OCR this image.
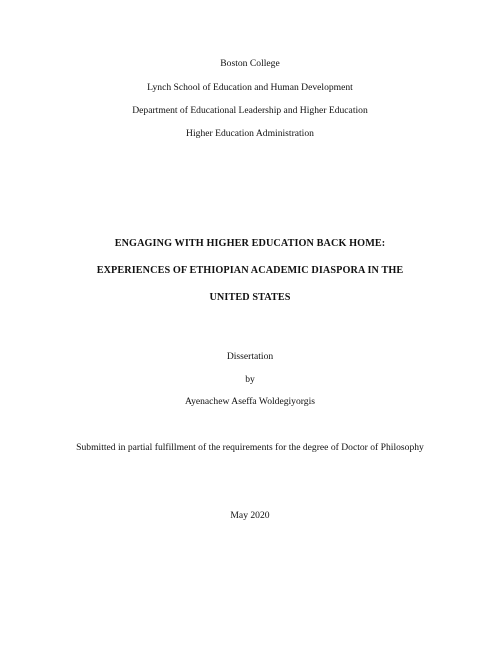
Boston College
Lynch School of Education and Human Development
Department of Educational Leadership and Higher Education
Higher Education Administration
ENGAGING WITH HIGHER EDUCATION BACK HOME:
EXPERIENCES OF ETHIOPIAN ACADEMIC DIASPORA IN THE
UNITED STATES
Dissertation
by
Ayenachew Aseffa Woldegiyorgis
Submitted in partial fulfillment of the requirements for the degree of Doctor of Philosophy
May 2020
